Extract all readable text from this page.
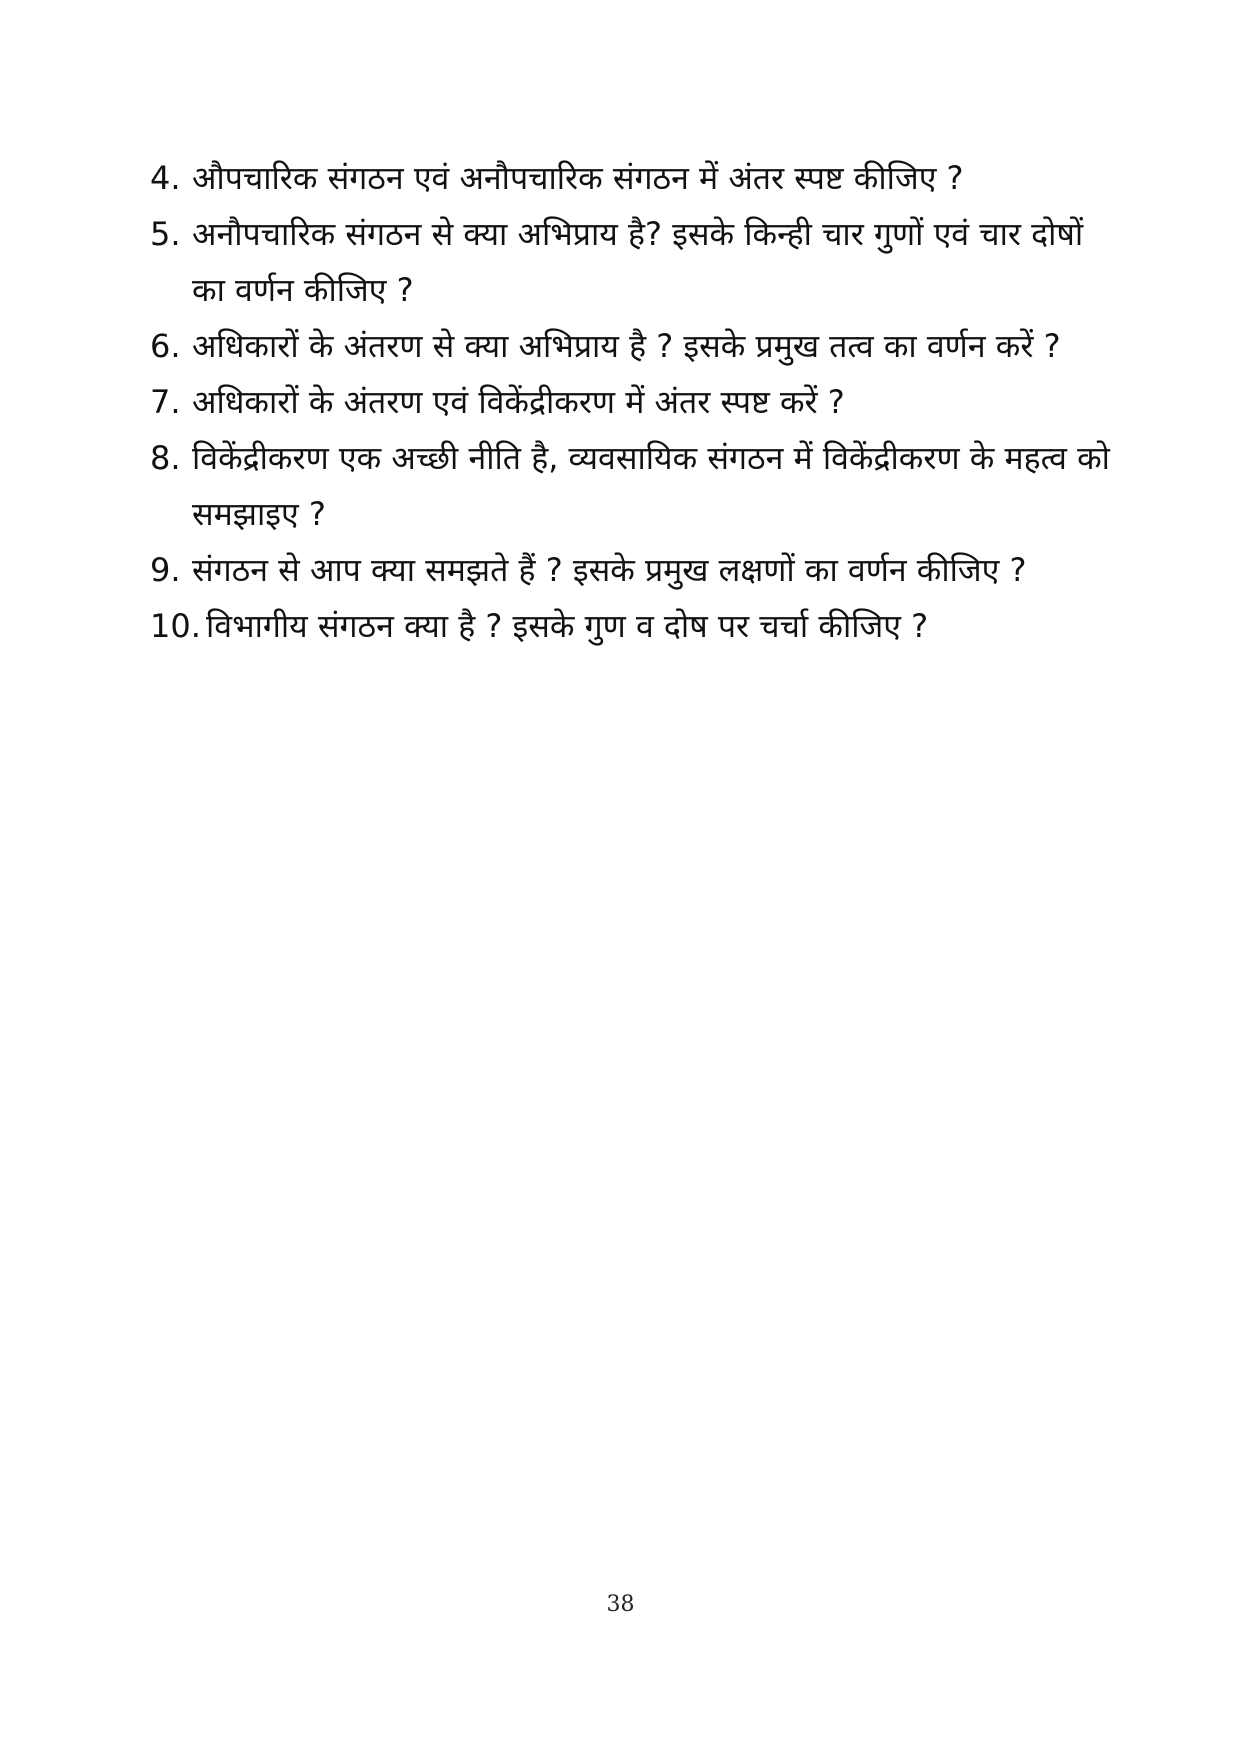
4. औपचारिक संगठन एवं अनौपचारिक संगठन में अंतर स्पष्ट कीजिए ?
5. अनौपचारिक संगठन से क्या अभिप्राय है? इसके किन्ही चार गुणों एवं चार दोषों का वर्णन कीजिए ?
6. अधिकारों के अंतरण से क्या अभिप्राय है ? इसके प्रमुख तत्व का वर्णन करें ?
7. अधिकारों के अंतरण एवं विकेंद्रीकरण में अंतर स्पष्ट करें ?
8. विकेंद्रीकरण एक अच्छी नीति है, व्यवसायिक संगठन में विकेंद्रीकरण के महत्व को समझाइए ?
9. संगठन से आप क्या समझते हैं ? इसके प्रमुख लक्षणों का वर्णन कीजिए ?
10. विभागीय संगठन क्या है ? इसके गुण व दोष पर चर्चा कीजिए ?
38
